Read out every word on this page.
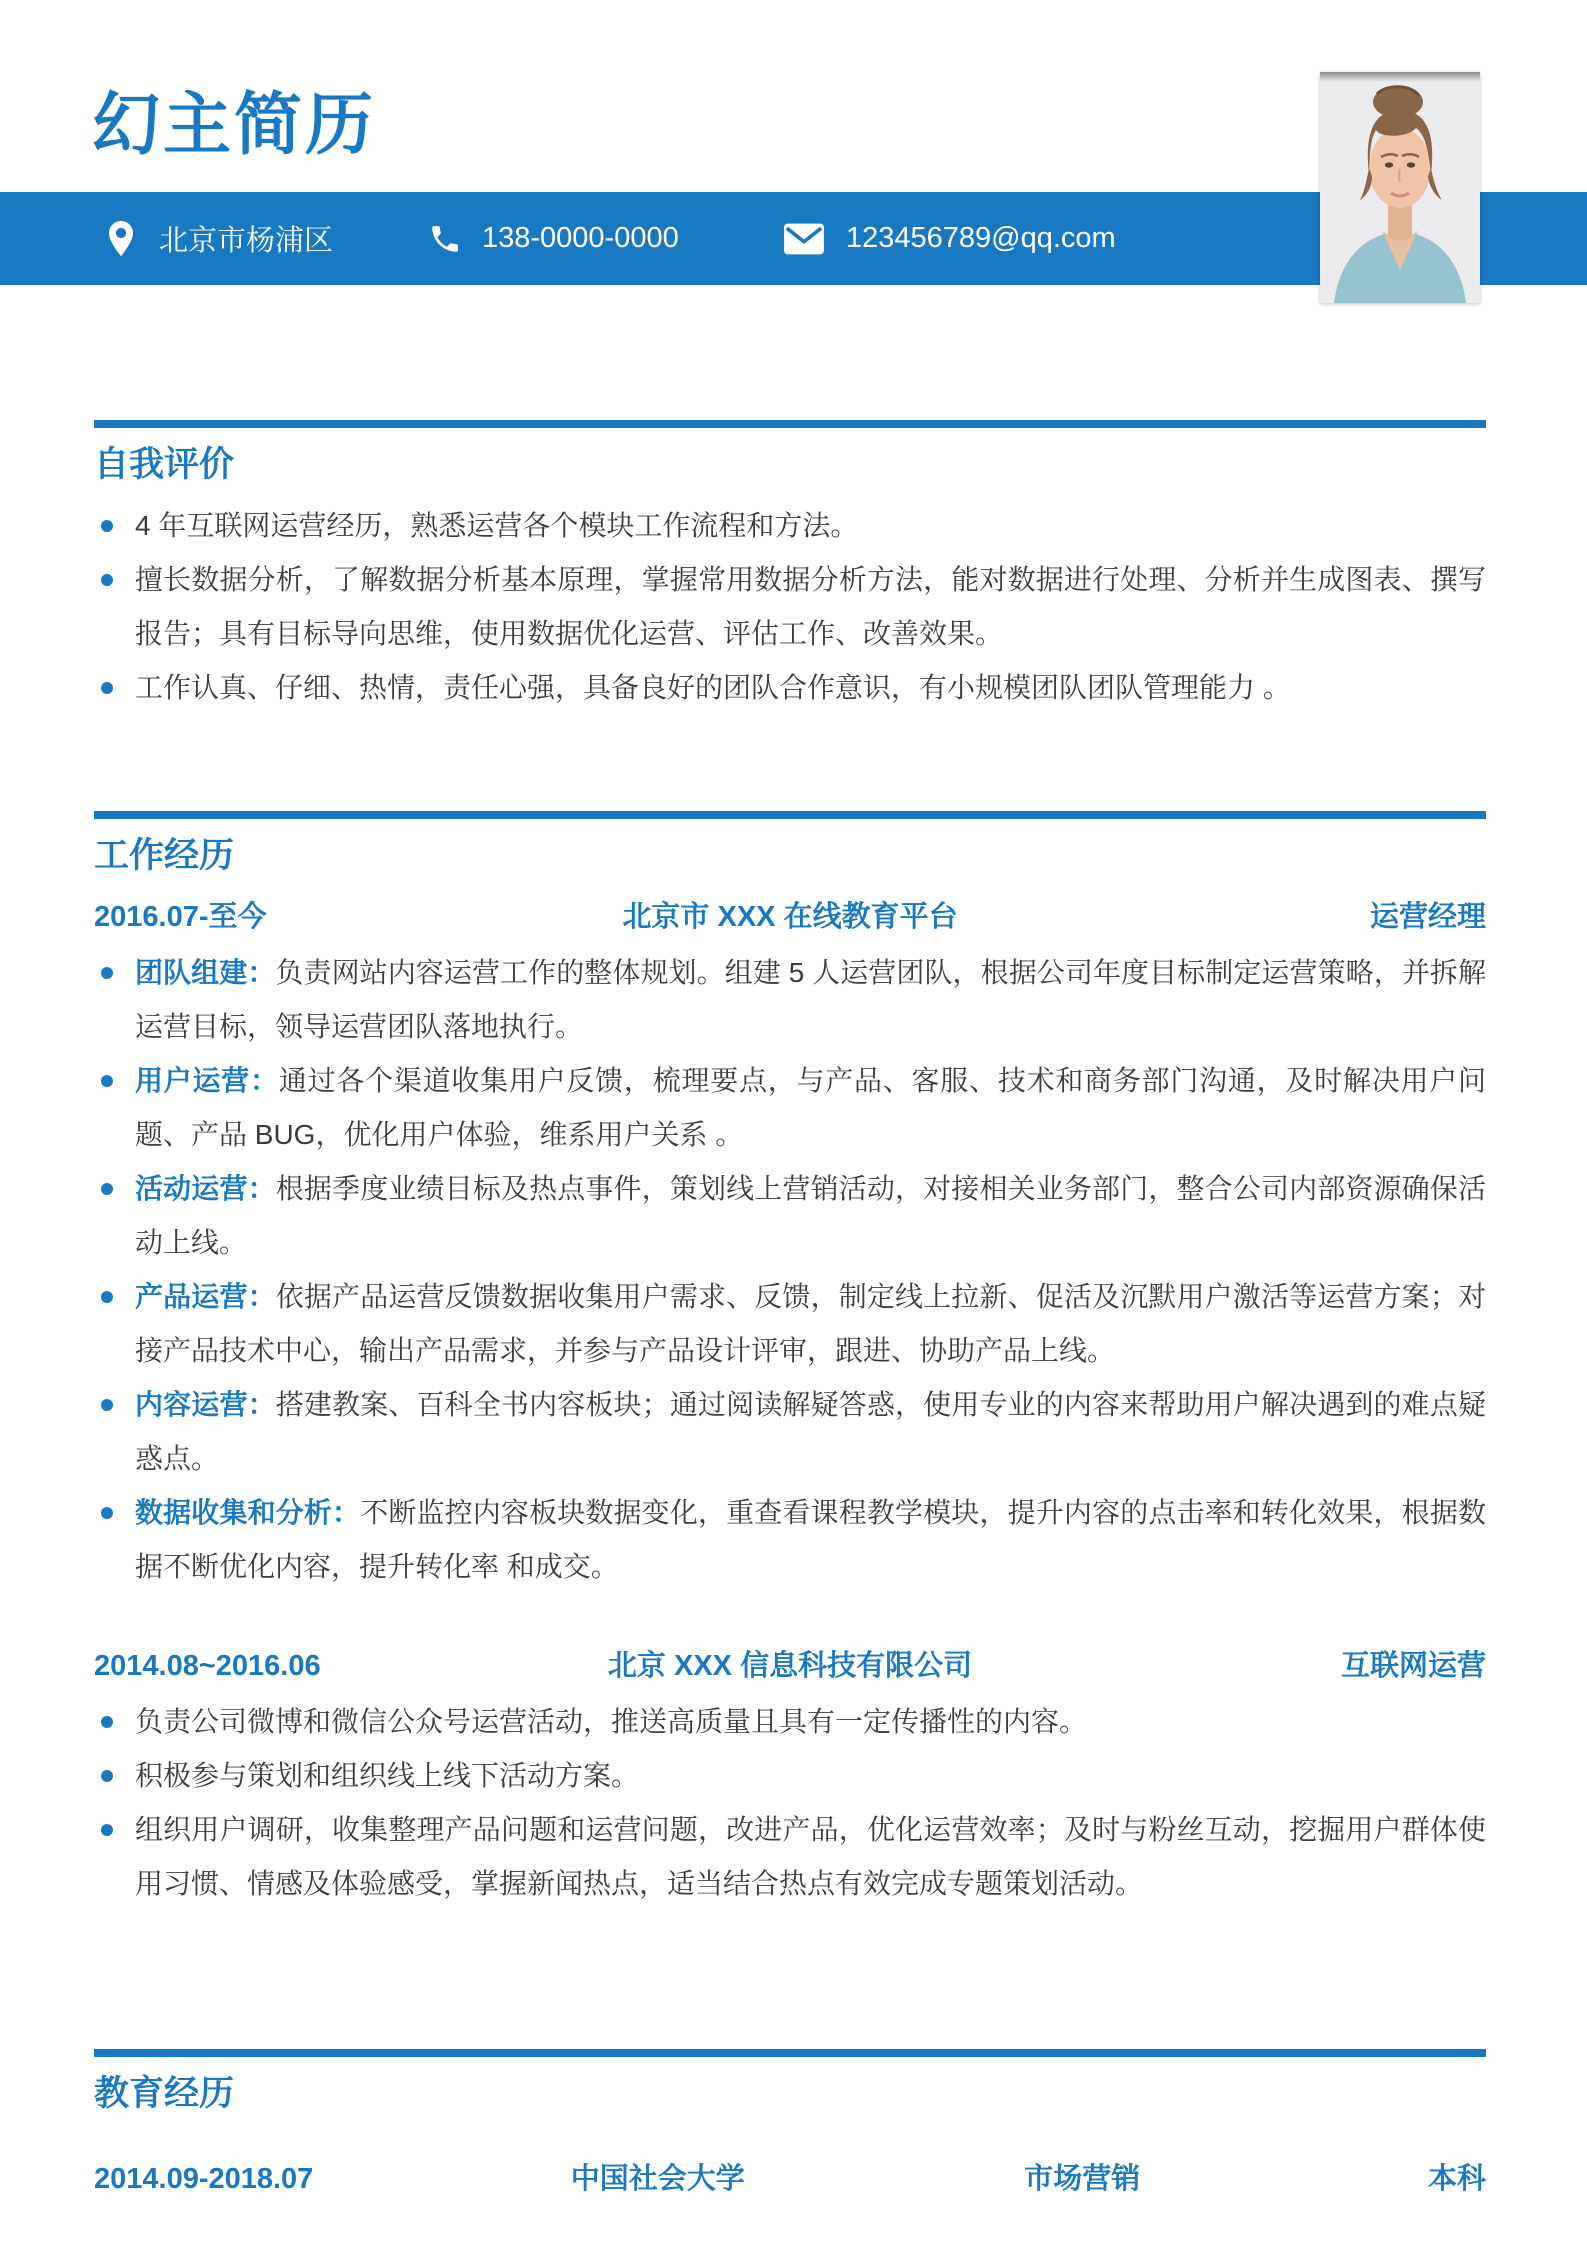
幻主简历
北京市杨浦区	138-0000-0000	123456789@qq.com
自我评价
4 年互联网运营经历，熟悉运营各个模块工作流程和方法。
擅长数据分析，了解数据分析基本原理，掌握常用数据分析方法，能对数据进行处理、分析并生成图表、撰写报告；具有目标导向思维，使用数据优化运营、评估工作、改善效果。
工作认真、仔细、热情，责任心强，具备良好的团队合作意识，有小规模团队团队管理能力 。
工作经历
2016.07-至今	北京市 XXX 在线教育平台	运营经理
团队组建：负责网站内容运营工作的整体规划。组建 5 人运营团队，根据公司年度目标制定运营策略，并拆解运营目标，领导运营团队落地执行。
用户运营：通过各个渠道收集用户反馈，梳理要点，与产品、客服、技术和商务部门沟通，及时解决用户问题、产品 BUG，优化用户体验，维系用户关系 。
活动运营：根据季度业绩目标及热点事件，策划线上营销活动，对接相关业务部门，整合公司内部资源确保活动上线。
产品运营：依据产品运营反馈数据收集用户需求、反馈，制定线上拉新、促活及沉默用户激活等运营方案；对接产品技术中心，输出产品需求，并参与产品设计评审，跟进、协助产品上线。
内容运营：搭建教案、百科全书内容板块；通过阅读解疑答惑，使用专业的内容来帮助用户解决遇到的难点疑惑点。
数据收集和分析：不断监控内容板块数据变化，重查看课程教学模块，提升内容的点击率和转化效果，根据数据不断优化内容，提升转化率 和成交。
2014.08~2016.06	北京 XXX 信息科技有限公司	互联网运营
负责公司微博和微信公众号运营活动，推送高质量且具有一定传播性的内容。
积极参与策划和组织线上线下活动方案。
组织用户调研，收集整理产品问题和运营问题，改进产品，优化运营效率；及时与粉丝互动，挖掘用户群体使用习惯、情感及体验感受，掌握新闻热点，适当结合热点有效完成专题策划活动。
教育经历
2014.09-2018.07	中国社会大学	市场营销	本科
